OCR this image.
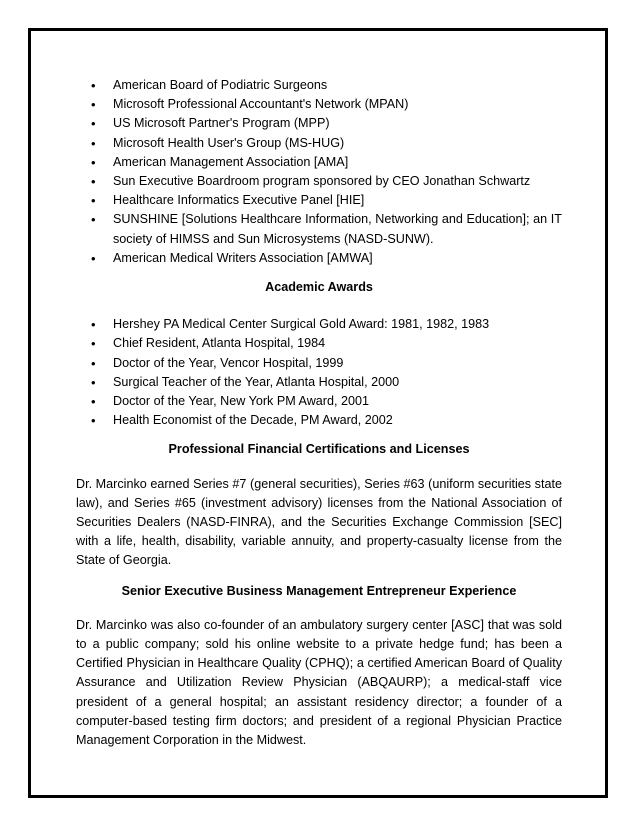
• American Board of Podiatric Surgeons
• Microsoft Professional Accountant's Network (MPAN)
• US Microsoft Partner's Program (MPP)
• Microsoft Health User's Group (MS-HUG)
• American Management Association [AMA]
• Sun Executive Boardroom program sponsored by CEO Jonathan Schwartz
• Healthcare Informatics Executive Panel [HIE]
• SUNSHINE [Solutions Healthcare Information, Networking and Education]; an IT society of HIMSS and Sun Microsystems (NASD-SUNW).
• American Medical Writers Association [AMWA]

Academic Awards

• Hershey PA Medical Center Surgical Gold Award: 1981, 1982, 1983
• Chief Resident, Atlanta Hospital, 1984
• Doctor of the Year, Vencor Hospital, 1999
• Surgical Teacher of the Year, Atlanta Hospital, 2000
• Doctor of the Year, New York PM Award, 2001
• Health Economist of the Decade, PM Award, 2002

Professional Financial Certifications and Licenses

Dr. Marcinko earned Series #7 (general securities), Series #63 (uniform securities state law), and Series #65 (investment advisory) licenses from the National Association of Securities Dealers (NASD-FINRA), and the Securities Exchange Commission [SEC] with a life, health, disability, variable annuity, and property-casualty license from the State of Georgia.

Senior Executive Business Management Entrepreneur Experience

Dr. Marcinko was also co-founder of an ambulatory surgery center [ASC] that was sold to a public company; sold his online website to a private hedge fund; has been a Certified Physician in Healthcare Quality (CPHQ); a certified American Board of Quality Assurance and Utilization Review Physician (ABQAURP); a medical-staff vice president of a general hospital; an assistant residency director; a founder of a computer-based testing firm doctors; and president of a regional Physician Practice Management Corporation in the Midwest.
